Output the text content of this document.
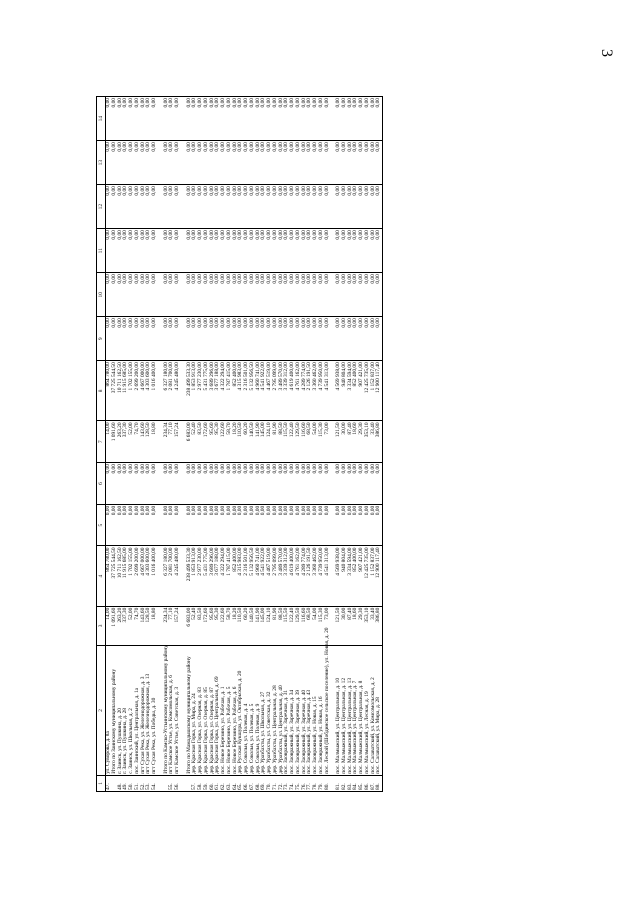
3
1	2	3	4	5	6	7	8	9	10	11	12	13	14
47.	ул. Суворова, д. 8а	14,00	864 780,00	0,00	0,00	14,00	864 780,00	0,00	0,00	0,00	0,00	0,00	0,00
	Итого по Заинскому муниципальному району	1 091,60	37 725 544,50	0,00	0,00	1 091,60	37 725 544,50	0,00	0,00	0,00	0,00	0,00	0,00
48.	г. Заинск, ул. Пушкина, д. 20	263,20	10 711 162,50	0,00	0,00	263,20	10 711 162,50	0,00	0,00	0,00	0,00	0,00	0,00
49.	г. Заинск, ул. Пушкина, д. 28	337,30	11 915 685,00	0,00	0,00	337,30	11 915 685,00	0,00	0,00	0,00	0,00	0,00	0,00
50.	с. Заинск, ул. Школьная, д. 2	52,00	1 702 155,00	0,00	0,00	52,00	1 702 155,00	0,00	0,00	0,00	0,00	0,00	0,00
51.	пос. Заинский, ул. Центральная, д. 1а	74,70	2 699 200,00	0,00	0,00	74,70	2 699 200,00	0,00	0,00	0,00	0,00	0,00	0,00
52.	пгт Сухая Река, ул. Железнодорожная, д. 3	143,60	4 667 000,00	0,00	0,00	143,60	4 667 000,00	0,00	0,00	0,00	0,00	0,00	0,00
53.	пгт Сухая Река, ул. Железнодорожная, д. 13	128,50	4 303 600,00	0,00	0,00	128,50	4 303 600,00	0,00	0,00	0,00	0,00	0,00	0,00
54.	пгт Сухая Река, ул. Победы, д. 30	18,80	1 016 400,00	0,00	0,00	18,80	1 016 400,00	0,00	0,00	0,00	0,00	0,00	0,00

	Итого по Камско-Устьинскому муниципальному району	234,34	6 327 180,00	0,00	0,00	234,34	6 327 180,00	0,00	0,00	0,00	0,00	0,00	0,00
55.	пгт Камское Устье, ул. Комсомольская, д. 6	77,10	2 081 700,00	0,00	0,00	77,10	2 081 700,00	0,00	0,00	0,00	0,00	0,00	0,00
56.	пгт Камское Устье, ул. Советская, д. 3	157,24	4 245 480,00	0,00	0,00	157,24	4 245 480,00	0,00	0,00	0,00	0,00	0,00	0,00

	Итого по Мамадышскому муниципальному району	6 683,00	238 499 533,30	0,00	0,00	6 683,00	238 499 533,30	0,00	0,00	0,00	0,00	0,00	0,00
57.	дер. Красная Горка, ул. Мира, д. 24	52,40	1 853 913,00	0,00	0,00	52,40	1 853 913,00	0,00	0,00	0,00	0,00	0,00	0,00
58.	дер. Красная Горка, ул. Озерная, д. 83	83,50	2 977 230,00	0,00	0,00	83,50	2 977 230,00	0,00	0,00	0,00	0,00	0,00	0,00
59.	дер. Красная Горка, ул. Озерная, д. 85	172,60	5 431 775,00	0,00	0,00	172,60	5 431 775,00	0,00	0,00	0,00	0,00	0,00	0,00
60.	дер. Красная Горка, ул. Озерная, д. 87	95,60	3 689 296,00	0,00	0,00	95,60	3 689 296,00	0,00	0,00	0,00	0,00	0,00	0,00
61.	дер. Красная Горка, ул. Центральная, д. 69	95,30	3 677 188,00	0,00	0,00	95,30	3 677 188,00	0,00	0,00	0,00	0,00	0,00	0,00
62.	пос. Новое Березино, ул. Рабочая, д. 1	122,60	4 322 294,00	0,00	0,00	122,60	4 322 294,00	0,00	0,00	0,00	0,00	0,00	0,00
63.	пос. Новое Березино, ул. Рабочая, д. 5	58,70	1 787 415,00	0,00	0,00	58,70	1 787 415,00	0,00	0,00	0,00	0,00	0,00	0,00
64.	пос. Новое Березино, ул. Рабочая, д. 6	18,20	852 400,00	0,00	0,00	18,20	852 400,00	0,00	0,00	0,00	0,00	0,00	0,00
65.	дер. Русская Кукшура, ул. Октябрьская, д. 20	110,50	4 315 983,00	0,00	0,00	110,50	4 315 983,00	0,00	0,00	0,00	0,00	0,00	0,00
66.	дер. Сокольи, ул. Полевая, д. 4	60,20	2 316 501,00	0,00	0,00	60,20	2 316 501,00	0,00	0,00	0,00	0,00	0,00	0,00
67.	дер. Сокольи, ул. Полевая, д. 5	140,50	5 132 956,50	0,00	0,00	140,50	5 132 956,50	0,00	0,00	0,00	0,00	0,00	0,00
68.	дер. Сокольи, ул. Полевая, д. 9	141,90	4 960 741,00	0,00	0,00	141,90	4 960 741,00	0,00	0,00	0,00	0,00	0,00	0,00
69.	дер. Уразбахты, ул. Школьная, д. 27	145,00	4 541 922,00	0,00	0,00	145,00	4 541 922,00	0,00	0,00	0,00	0,00	0,00	0,00
70.	дер. Уразбахты, ул. Советская, д. 32	124,10	4 467 519,00	0,00	0,00	124,10	4 467 519,00	0,00	0,00	0,00	0,00	0,00	0,00
71.	дер. Уразбахты, ул. Центральная, д. 28	81,90	2 795 099,00	0,00	0,00	81,90	2 795 099,00	0,00	0,00	0,00	0,00	0,00	0,00
72.	дер. Уразбахты, ул. Центральная, д. 40	88,50	3 489 570,00	0,00	0,00	88,50	3 489 570,00	0,00	0,00	0,00	0,00	0,00	0,00
73.	пос. Заовражный, ул. Заречная, д. 31	115,50	3 339 312,00	0,00	0,00	115,50	3 339 312,00	0,00	0,00	0,00	0,00	0,00	0,00
74.	пос. Заовражный, ул. Заречная, д. 34	122,40	4 619 400,00	0,00	0,00	122,40	4 619 400,00	0,00	0,00	0,00	0,00	0,00	0,00
75.	пос. Заовражный, ул. Заречная, д. 39	129,50	4 761 162,00	0,00	0,00	129,50	4 761 162,00	0,00	0,00	0,00	0,00	0,00	0,00
76.	пос. Заовражный, ул. Заречная, д. 40	116,60	4 289 774,00	0,00	0,00	116,60	4 289 774,00	0,00	0,00	0,00	0,00	0,00	0,00
77.	пос. Заовражный, ул. Заречная, д. 43	68,50	2 126 191,50	0,00	0,00	68,50	2 126 191,50	0,00	0,00	0,00	0,00	0,00	0,00
78.	пос. Заовражный, ул. Новая, д. 15	54,00	3 360 462,00	0,00	0,00	54,00	3 360 462,00	0,00	0,00	0,00	0,00	0,00	0,00
79.	пос. Заовражный, ул. Новая, д. 16	115,30	4 739 950,00	0,00	0,00	115,30	4 739 950,00	0,00	0,00	0,00	0,00	0,00	0,00
80.	пос. Лесной (Шобдинское сельское поселение), ул. Новая, д. 20	73,00	4 541 313,00	0,00	0,00	73,00	4 541 313,00	0,00	0,00	0,00	0,00	0,00	0,00

81.	пос. Малмыжский, ул. Центральная, д. 10	121,50	4 569 938,00	0,00	0,00	121,50	4 569 938,00	0,00	0,00	0,00	0,00	0,00	0,00
82.	пос. Малмыжский, ул. Центральная, д. 12	30,00	940 804,00	0,00	0,00	30,00	940 804,00	0,00	0,00	0,00	0,00	0,00	0,00
83.	пос. Малмыжский, ул. Центральная, д. 13	87,40	3 334 594,00	0,00	0,00	87,40	3 334 594,00	0,00	0,00	0,00	0,00	0,00	0,00
84.	пос. Малмыжский, ул. Центральная, д. 7	18,60	852 400,00	0,00	0,00	18,60	852 400,00	0,00	0,00	0,00	0,00	0,00	0,00
85.	пос. Малмыжский, ул. Центральная, д. 8	29,30	907 421,00	0,00	0,00	29,30	907 421,00	0,00	0,00	0,00	0,00	0,00	0,00
86.	пос. Малмыжский, ул. Лесная, д. 19	353,10	12 425 735,00	0,00	0,00	353,10	12 425 735,00	0,00	0,00	0,00	0,00	0,00	0,00
87.	пос. Салаватский, ул. Комсомольская, д. 2	33,40	1 152 837,00	0,00	0,00	33,40	1 152 837,00	0,00	0,00	0,00	0,00	0,00	0,00
88.	пос. Салаватский, ул. Мира, д. 28	386,80	12 900 117,40	0,00	0,00	386,80	12 900 117,40	0,00	0,00	0,00	0,00	0,00	0,00
